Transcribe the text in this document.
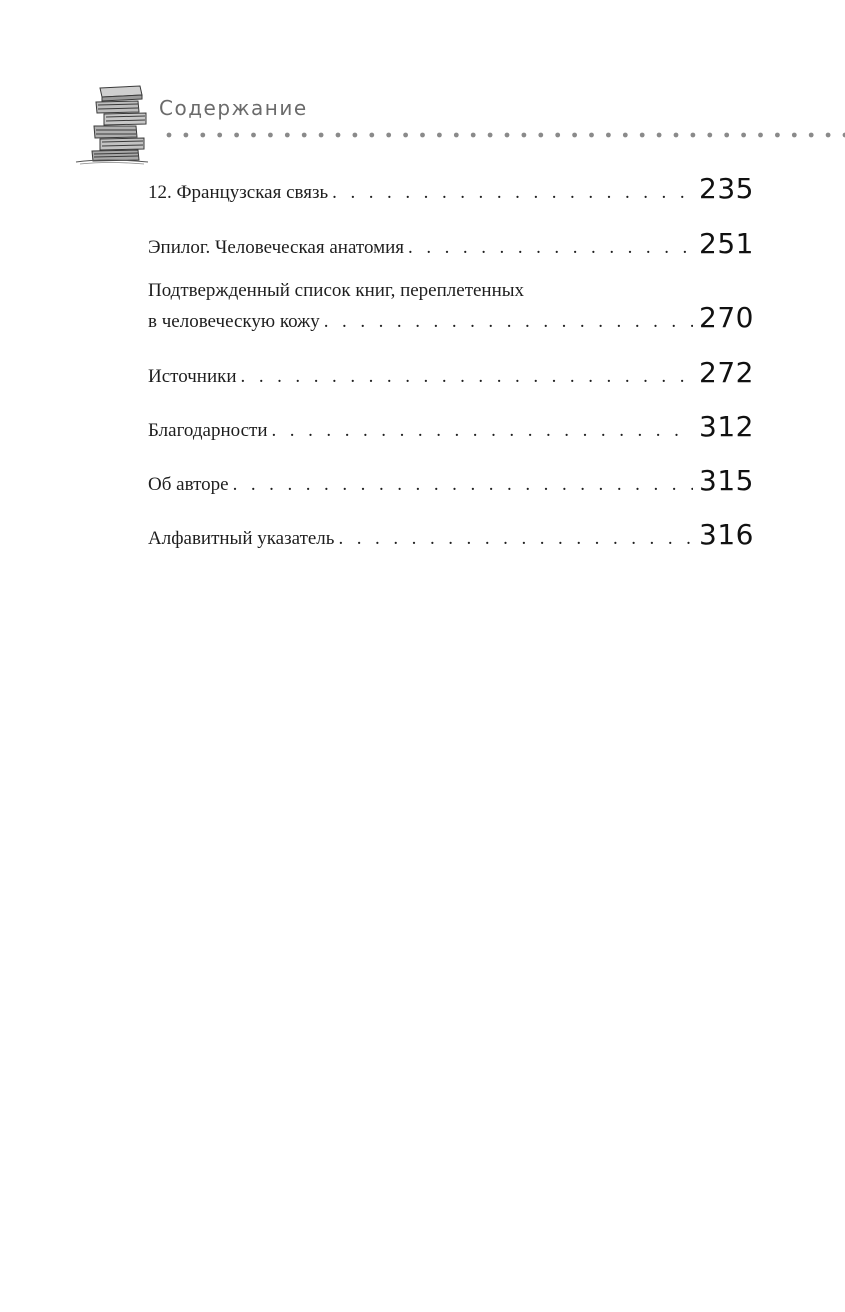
Содержание
12. Французская связь . . .	235
Эпилог. Человеческая анатомия . . .	251
Подтвержденный список книг, переплетенных
в человеческую кожу . . .	270
Источники . . .	272
Благодарности . . .	312
Об авторе . . .	315
Алфавитный указатель . . .	316
